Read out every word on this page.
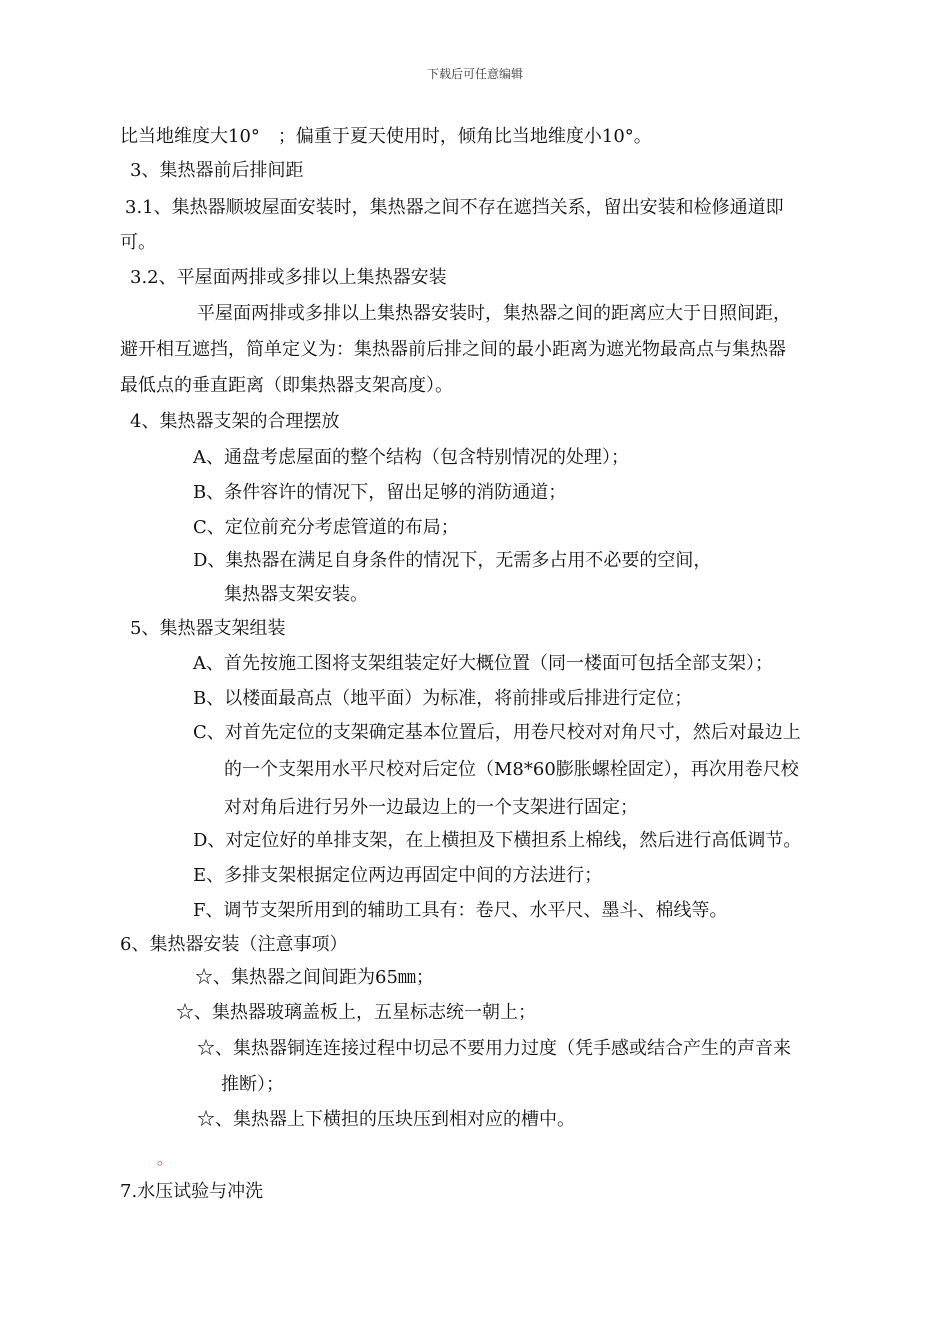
下载后可任意编辑
比当地维度大10°　；偏重于夏天使用时，倾角比当地维度小10°。
3、集热器前后排间距
3.1、集热器顺坡屋面安装时，集热器之间不存在遮挡关系，留出安装和检修通道即
可。
3.2、平屋面两排或多排以上集热器安装
平屋面两排或多排以上集热器安装时，集热器之间的距离应大于日照间距，
避开相互遮挡，简单定义为：集热器前后排之间的最小距离为遮光物最高点与集热器
最低点的垂直距离（即集热器支架高度）。
4、集热器支架的合理摆放
A、通盘考虑屋面的整个结构（包含特别情况的处理）；
B、条件容许的情况下，留出足够的消防通道；
C、定位前充分考虑管道的布局；
D、集热器在满足自身条件的情况下，无需多占用不必要的空间，
集热器支架安装。
5、集热器支架组装
A、首先按施工图将支架组装定好大概位置（同一楼面可包括全部支架）；
B、以楼面最高点（地平面）为标准，将前排或后排进行定位；
C、对首先定位的支架确定基本位置后，用卷尺校对对角尺寸，然后对最边上
的一个支架用水平尺校对后定位（M8*60膨胀螺栓固定），再次用卷尺校
对对角后进行另外一边最边上的一个支架进行固定；
D、对定位好的单排支架，在上横担及下横担系上棉线，然后进行高低调节。
E、多排支架根据定位两边再固定中间的方法进行；
F、调节支架所用到的辅助工具有：卷尺、水平尺、墨斗、棉线等。
6、集热器安装（注意事项）
☆、集热器之间间距为65㎜；
☆、集热器玻璃盖板上，五星标志统一朝上；
☆、集热器铜连连接过程中切忌不要用力过度（凭手感或结合产生的声音来
推断）；
☆、集热器上下横担的压块压到相对应的槽中。
。
7.水压试验与冲洗
